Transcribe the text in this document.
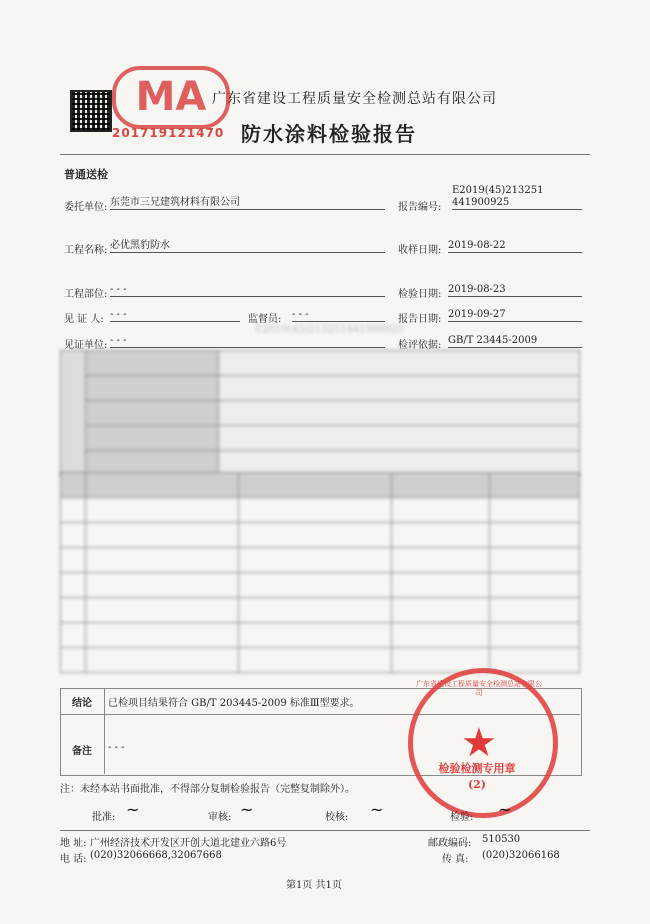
MA
201719121470
广东省建设工程质量安全检测总站有限公司
防水涂料检验报告
普通送检
委托单位: 东莞市三兄建筑材料有限公司	报告编号:
E2019(45)213251
441900925
工程名称: 必优黑豹防水	收样日期: 2019-08-22
工程部位: - - -	检验日期: 2019-08-23
见 证 人: - - -	监督员: - - -	报告日期: 2019-09-27
E2019(45)213251441900925
见证单位: - - -	检评依据: GB/T 23445-2009

结论 已检项目结果符合 GB/T 203445-2009 标准Ⅲ型要求。
备注 - - -
广东省建设工程质量安全检测总站有限公司
★
检验检测专用章
(2)
注：未经本站书面批准，不得部分复制检验报告（完整复制除外）。
批准: ~	审核: ~	校核: ~	检验: ~
地 址: 广州经济技术开发区开创大道北建业六路6号	邮政编码: 510530
电 话: (020)32066668,32067668	传 真: (020)32066168
第1页 共1页
